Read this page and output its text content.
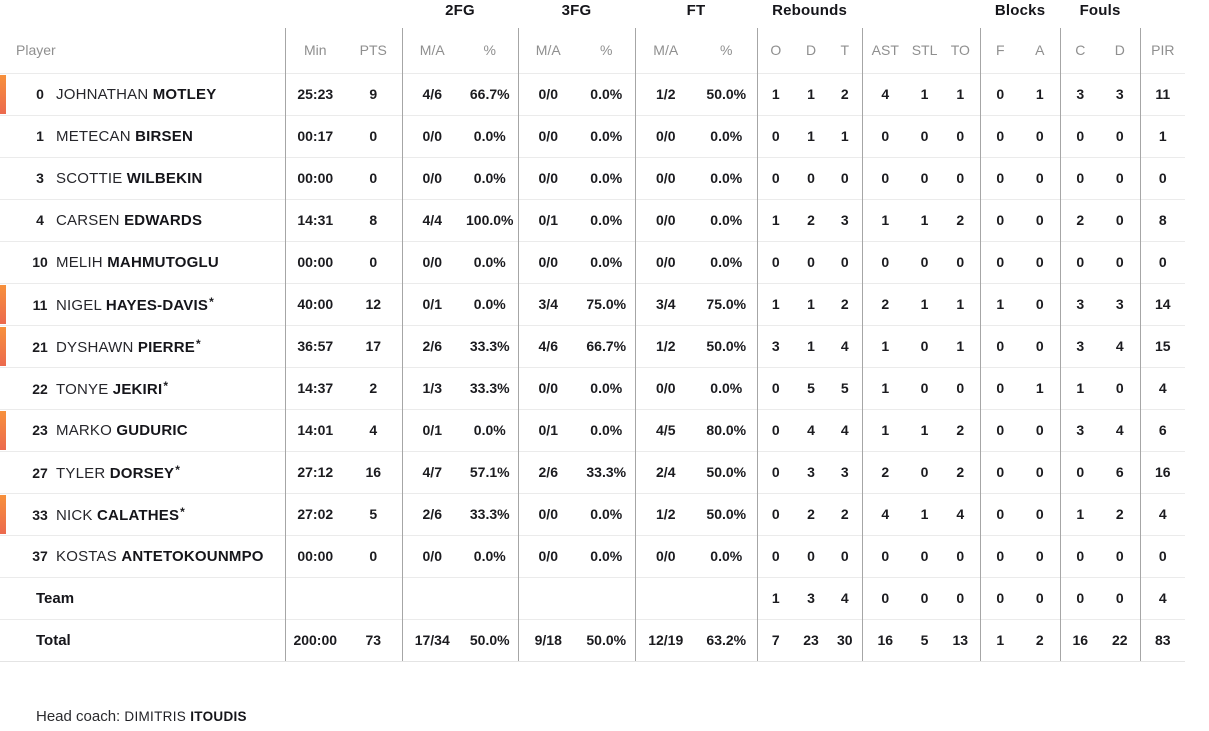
			2FG		3FG		FT		Rebounds						Blocks		Fouls		
Player	Min	PTS	M/A	%	M/A	%	M/A	%	O	D	T	AST	STL	TO	F	A	C	D	PIR

0 JOHNATHAN MOTLEY	25:23	9	4/6	66.7%	0/0	0.0%	1/2	50.0%	1	1	2	4	1	1	0	1	3	3	11
1 METECAN BIRSEN	00:17	0	0/0	0.0%	0/0	0.0%	0/0	0.0%	0	1	1	0	0	0	0	0	0	0	1
3 SCOTTIE WILBEKIN	00:00	0	0/0	0.0%	0/0	0.0%	0/0	0.0%	0	0	0	0	0	0	0	0	0	0	0
4 CARSEN EDWARDS	14:31	8	4/4	100.0%	0/1	0.0%	0/0	0.0%	1	2	3	1	1	2	0	0	2	0	8
10 MELIH MAHMUTOGLU	00:00	0	0/0	0.0%	0/0	0.0%	0/0	0.0%	0	0	0	0	0	0	0	0	0	0	0

11 NIGEL HAYES-DAVIS*	40:00	12	0/1	0.0%	3/4	75.0%	3/4	75.0%	1	1	2	2	1	1	1	0	3	3	14

21 DYSHAWN PIERRE*	36:57	17	2/6	33.3%	4/6	66.7%	1/2	50.0%	3	1	4	1	0	1	0	0	3	4	15
22 TONYE JEKIRI*	14:37	2	1/3	33.3%	0/0	0.0%	0/0	0.0%	0	5	5	1	0	0	0	1	1	0	4

23 MARKO GUDURIC	14:01	4	0/1	0.0%	0/1	0.0%	4/5	80.0%	0	4	4	1	1	2	0	0	3	4	6
27 TYLER DORSEY*	27:12	16	4/7	57.1%	2/6	33.3%	2/4	50.0%	0	3	3	2	0	2	0	0	0	6	16

33 NICK CALATHES*	27:02	5	2/6	33.3%	0/0	0.0%	1/2	50.0%	0	2	2	4	1	4	0	0	1	2	4
37 KOSTAS ANTETOKOUNMPO	00:00	0	0/0	0.0%	0/0	0.0%	0/0	0.0%	0	0	0	0	0	0	0	0	0	0	0
Team									1	3	4	0	0	0	0	0	0	0	4
Total	200:00	73	17/34	50.0%	9/18	50.0%	12/19	63.2%	7	23	30	16	5	13	1	2	16	22	83
Head coach: DIMITRIS ITOUDIS
